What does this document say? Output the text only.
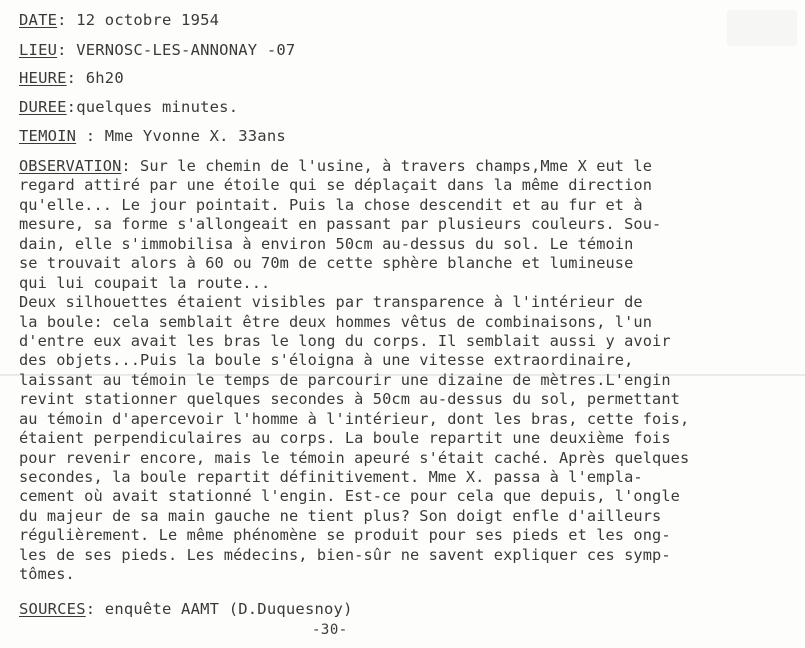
DATE: 12 octobre 1954
LIEU: VERNOSC-LES-ANNONAY -07
HEURE: 6h20
DUREE:quelques minutes.
TEMOIN : Mme Yvonne X. 33ans
OBSERVATION: Sur le chemin de l'usine, à travers champs,Mme X eut le
regard attiré par une étoile qui se déplaçait dans la même direction
qu'elle... Le jour pointait. Puis la chose descendit et au fur et à
mesure, sa forme s'allongeait en passant par plusieurs couleurs. Sou-
dain, elle s'immobilisa à environ 50cm au-dessus du sol. Le témoin
se trouvait alors à 60 ou 70m de cette sphère blanche et lumineuse
qui lui coupait la route...
Deux silhouettes étaient visibles par transparence à l'intérieur de
la boule: cela semblait être deux hommes vêtus de combinaisons, l'un
d'entre eux avait les bras le long du corps. Il semblait aussi y avoir
des objets...Puis la boule s'éloigna à une vitesse extraordinaire,
laissant au témoin le temps de parcourir une dizaine de mètres.L'engin
revint stationner quelques secondes à 50cm au-dessus du sol, permettant
au témoin d'apercevoir l'homme à l'intérieur, dont les bras, cette fois,
étaient perpendiculaires au corps. La boule repartit une deuxième fois
pour revenir encore, mais le témoin apeuré s'était caché. Après quelques
secondes, la boule repartit définitivement. Mme X. passa à l'empla-
cement où avait stationné l'engin. Est-ce pour cela que depuis, l'ongle
du majeur de sa main gauche ne tient plus? Son doigt enfle d'ailleurs
régulièrement. Le même phénomène se produit pour ses pieds et les ong-
les de ses pieds. Les médecins, bien-sûr ne savent expliquer ces symp-
tômes.
SOURCES: enquête AAMT (D.Duquesnoy)
-30-
